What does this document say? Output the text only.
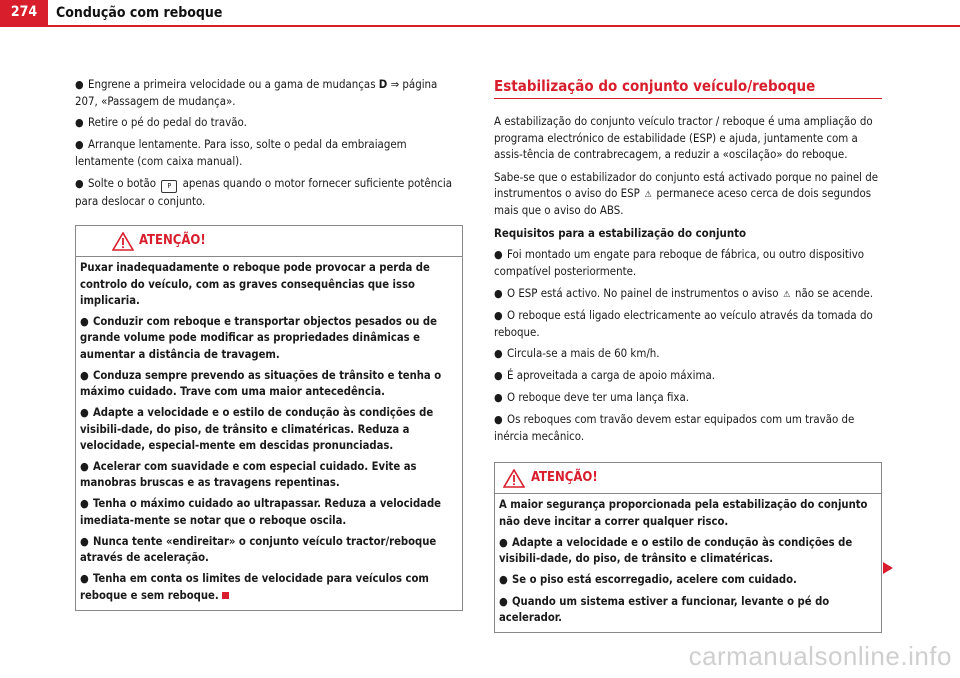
274	Condução com reboque

● Engrene a primeira velocidade ou a gama de mudanças D ⇒ página 207, «Passagem de mudança».

● Retire o pé do pedal do travão.

● Arranque lentamente. Para isso, solte o pedal da embraiagem lentamente (com caixa manual).

● Solte o botão P apenas quando o motor fornecer suficiente potência para deslocar o conjunto.

ATENÇÃO!

Puxar inadequadamente o reboque pode provocar a perda de controlo do veículo, com as graves consequências que isso implicaria.

● Conduzir com reboque e transportar objectos pesados ou de grande volume pode modificar as propriedades dinâmicas e aumentar a distância de travagem.

● Conduza sempre prevendo as situações de trânsito e tenha o máximo cuidado. Trave com uma maior antecedência.

● Adapte a velocidade e o estilo de condução às condições de visibili-dade, do piso, de trânsito e climatéricas. Reduza a velocidade, especial-mente em descidas pronunciadas.

● Acelerar com suavidade e com especial cuidado. Evite as manobras bruscas e as travagens repentinas.

● Tenha o máximo cuidado ao ultrapassar. Reduza a velocidade imediata-mente se notar que o reboque oscila.

● Nunca tente «endireitar» o conjunto veículo tractor/reboque através de aceleração.

● Tenha em conta os limites de velocidade para veículos com reboque e sem reboque.

Estabilização do conjunto veículo/reboque

A estabilização do conjunto veículo tractor / reboque é uma ampliação do programa electrónico de estabilidade (ESP) e ajuda, juntamente com a assis-tência de contrabrecagem, a reduzir a «oscilação» do reboque.

Sabe-se que o estabilizador do conjunto está activado porque no painel de instrumentos o aviso do ESP ⚠ permanece aceso cerca de dois segundos mais que o aviso do ABS.

Requisitos para a estabilização do conjunto

● Foi montado um engate para reboque de fábrica, ou outro dispositivo compatível posteriormente.

● O ESP está activo. No painel de instrumentos o aviso ⚠ não se acende.

● O reboque está ligado electricamente ao veículo através da tomada do reboque.

● Circula-se a mais de 60 km/h.

● É aproveitada a carga de apoio máxima.

● O reboque deve ter uma lança fixa.

● Os reboques com travão devem estar equipados com um travão de inércia mecânico.

ATENÇÃO!

A maior segurança proporcionada pela estabilização do conjunto não deve incitar a correr qualquer risco.

● Adapte a velocidade e o estilo de condução às condições de visibili-dade, do piso, de trânsito e climatéricas.

● Se o piso está escorregadio, acelere com cuidado.

● Quando um sistema estiver a funcionar, levante o pé do acelerador.

carmanualsonline.info
